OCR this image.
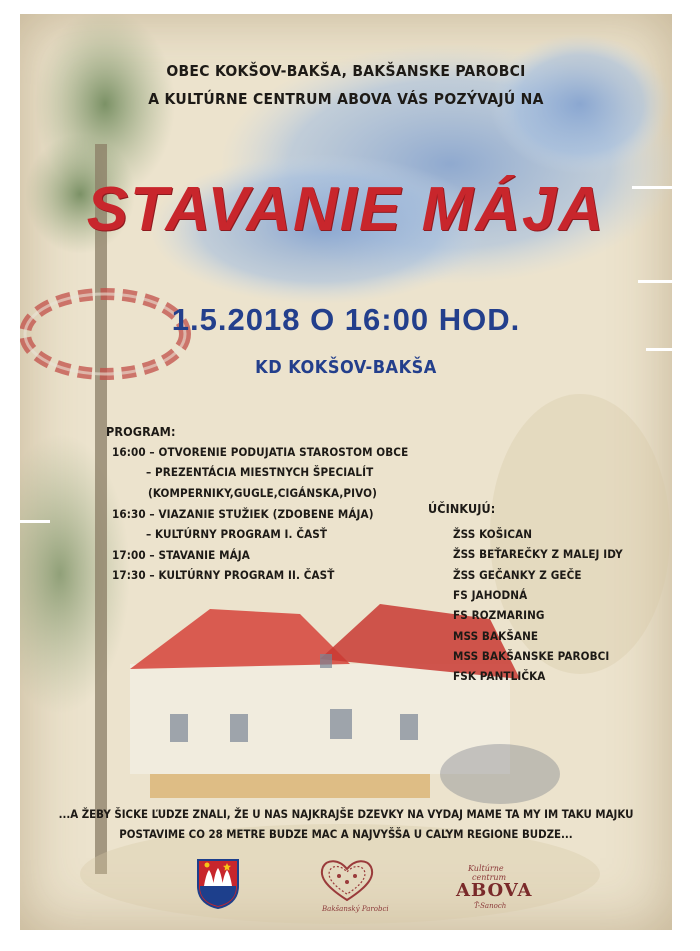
OBEC KOKŠOV-BAKŠA, BAKŠANSKE PAROBCI
A KULTÚRNE CENTRUM ABOVA VÁS POZÝVAJÚ NA
STAVANIE MÁJA
1.5.2018 O 16:00 HOD.
KD KOKŠOV-BAKŠA
PROGRAM:
16:00 – OTVORENIE PODUJATIA STAROSTOM OBCE
– PREZENTÁCIA MIESTNYCH ŠPECIALÍT
(KOMPERNIKY,GUGLE,CIGÁNSKA,PIVO)
16:30 – VIAZANIE STUŽIEK (ZDOBENE MÁJA)
– KULTÚRNY PROGRAM I. ČASŤ
17:00 – STAVANIE MÁJA
17:30 – KULTÚRNY PROGRAM II. ČASŤ
ÚČINKUJÚ:
ŽSS KOŠICAN
ŽSS BEŤAREČKY Z MALEJ IDY
ŽSS GEČANKY Z GEČE
FS JAHODNÁ
FS ROZMARING
MSS BAKŠANE
MSS BAKŠANSKE PAROBCI
FSK PANTLIČKA
...A ŽEBY ŠICKE ĽUDZE ZNALI, ŽE U NAS NAJKRAJŠE DZEVKY NA VYDAJ MAME TA MY IM TAKU MAJKU
POSTAVIME CO 28 METRE BUDZE MAC A NAJVYŠŠA U CAĽYM REGIONE BUDZE...
Bakšanský Parobci
Kultúrne
centrum
ABOVA
Ť-Sanoch
